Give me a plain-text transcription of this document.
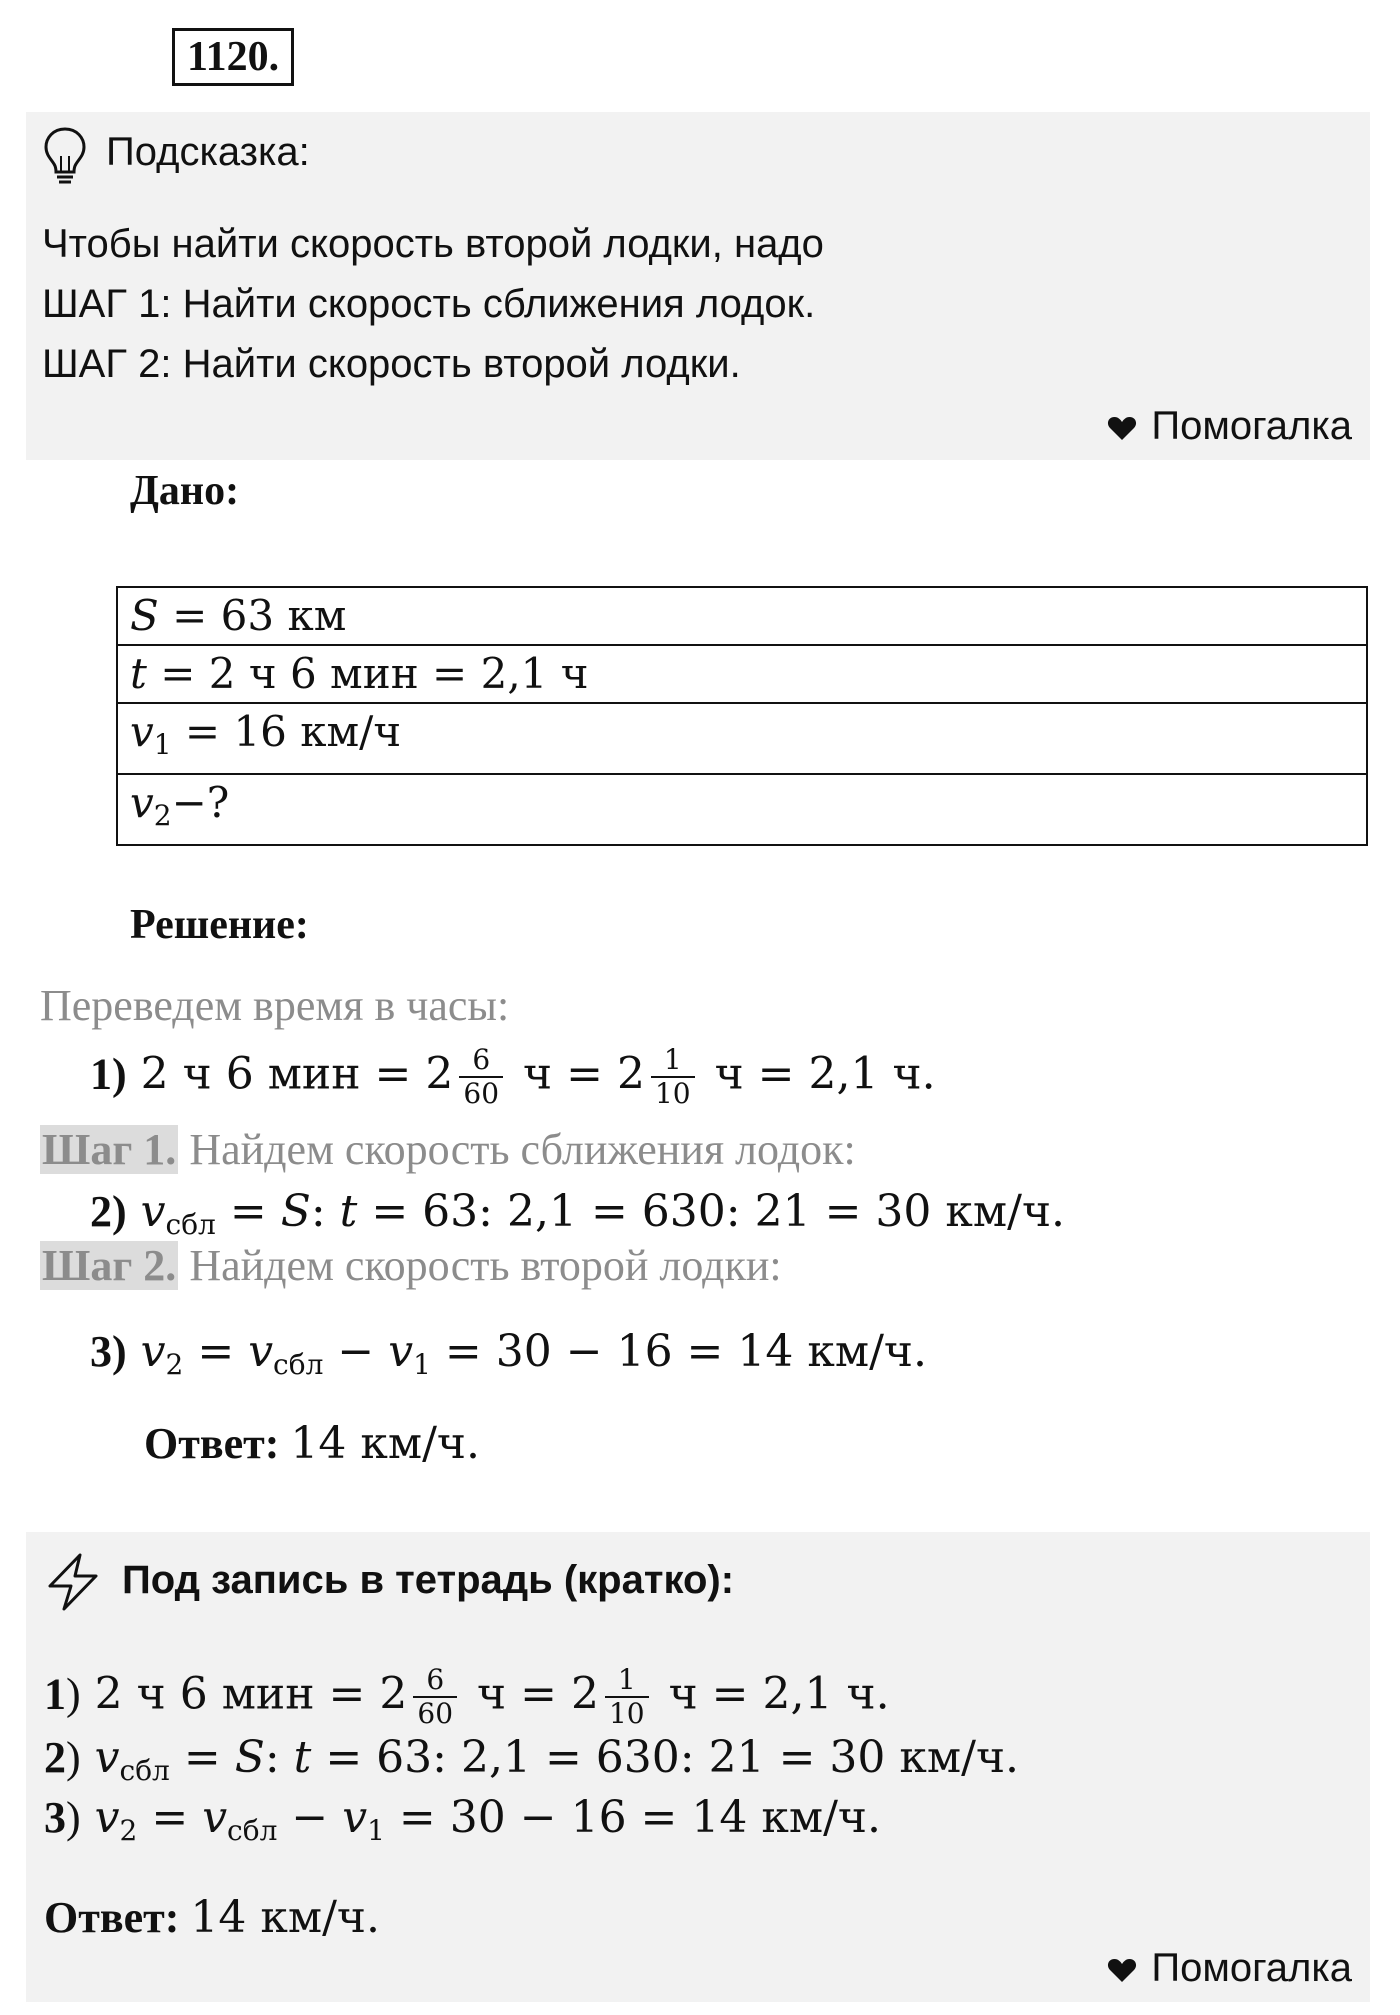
1120.
Подсказка:
Чтобы найти скорость второй лодки, надо
ШАГ 1: Найти скорость сближения лодок.
ШАГ 2: Найти скорость второй лодки.
Помогалка
Дано:
S = 63 км
t = 2 ч 6 мин = 2,1 ч
$v_1 = 16$ км/ч
$v_2-$?
Решение:
Переведем время в часы:
1) 2 ч 6 мин = $2 \frac{6}{60}$ $ч = 2 \frac{1}{10}$ ч = 2,1 ч.
Шаг 1. Найдем скорость сближения лодок:
2) $v_{сбл} = S$: t = 63: 2,1 = 630: 21 = 30 км/ч.
Шаг 2. Найдем скорость второй лодки:
3) $v_2 = v_{сбл} - v_1 = 30 - 16 = 14$ км/ч.
Ответ: 14 км/ч.
Под запись в тетрадь (кратко):
1) 2 ч 6 мин = $2 \frac{6}{60}$ $ч = 2 \frac{1}{10}$ ч = 2,1 ч.
2) $v_{сбл} = S$: t = 63: 2,1 = 630: 21 = 30 км/ч.
3) $v_2 = v_{сбл} - v_1 = 30 - 16 = 14$ км/ч.
Ответ: 14 км/ч.
Помогалка
